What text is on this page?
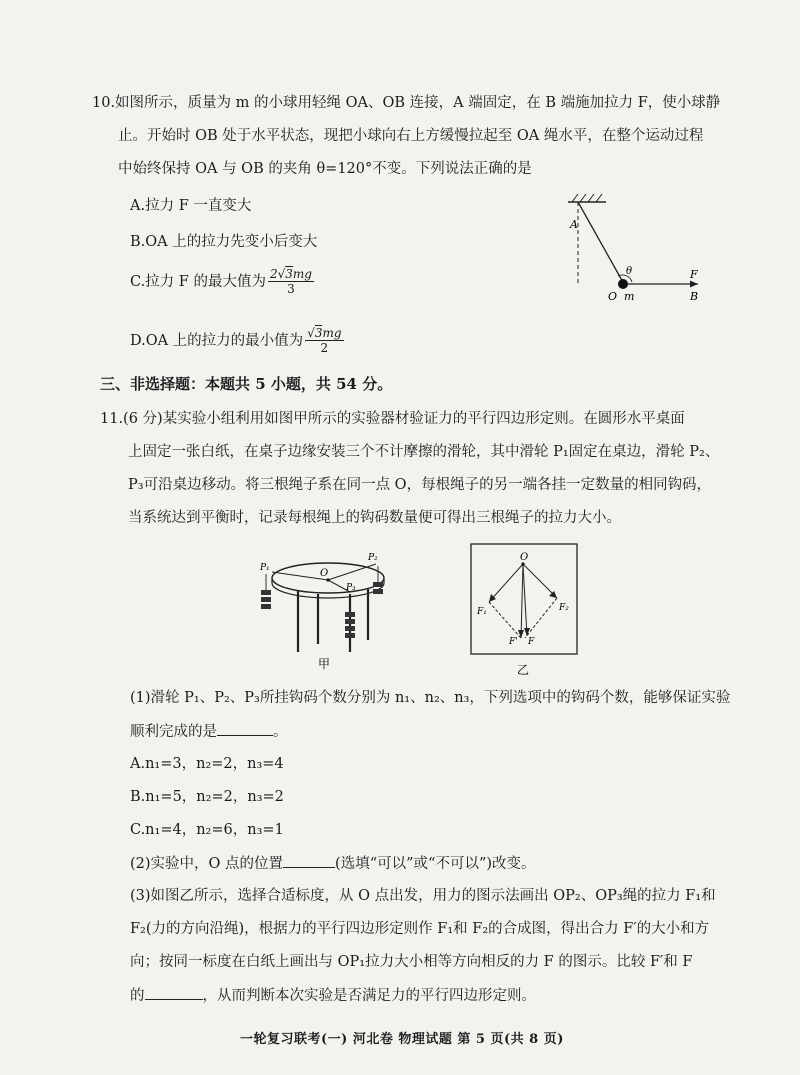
10.如图所示，质量为 m 的小球用轻绳 OA、OB 连接，A 端固定，在 B 端施加拉力 F，使小球静
止。开始时 OB 处于水平状态，现把小球向右上方缓慢拉起至 OA 绳水平，在整个运动过程
中始终保持 OA 与 OB 的夹角 θ=120°不变。下列说法正确的是
A.拉力 F 一直变大
B.OA 上的拉力先变小后变大
C.拉力 F 的最大值为 $\frac{2√3mg}{3}$
D.OA 上的拉力的最小值为 $\frac{√3mg}{2}$
A
θ
O m
F
B
三、非选择题：本题共 5 小题，共 54 分。
11.(6 分)某实验小组利用如图甲所示的实验器材验证力的平行四边形定则。在圆形水平桌面
上固定一张白纸，在桌子边缘安装三个不计摩擦的滑轮，其中滑轮 P₁固定在桌边，滑轮 P₂、
P₃可沿桌边移动。将三根绳子系在同一点 O，每根绳子的另一端各挂一定数量的相同钩码，
当系统达到平衡时，记录每根绳上的钩码数量便可得出三根绳子的拉力大小。
P₁
P₂
P₃
O
甲
O
F₁	F₂
F' F
乙
(1)滑轮 P₁、P₂、P₃所挂钩码个数分别为 n₁、n₂、n₃，下列选项中的钩码个数，能够保证实验
顺利完成的是	。
A.n₁=3，n₂=2，n₃=4
B.n₁=5，n₂=2，n₃=2
C.n₁=4，n₂=6，n₃=1
(2)实验中，O 点的位置	(选填“可以”或“不可以”)改变。
(3)如图乙所示，选择合适标度，从 O 点出发，用力的图示法画出 OP₂、OP₃绳的拉力 F₁和
F₂(力的方向沿绳)，根据力的平行四边形定则作 F₁和 F₂的合成图，得出合力 F′的大小和方
向；按同一标度在白纸上画出与 OP₁拉力大小相等方向相反的力 F 的图示。比较 F′和 F
的	，从而判断本次实验是否满足力的平行四边形定则。
一轮复习联考(一) 河北卷 物理试题 第 5 页(共 8 页)
